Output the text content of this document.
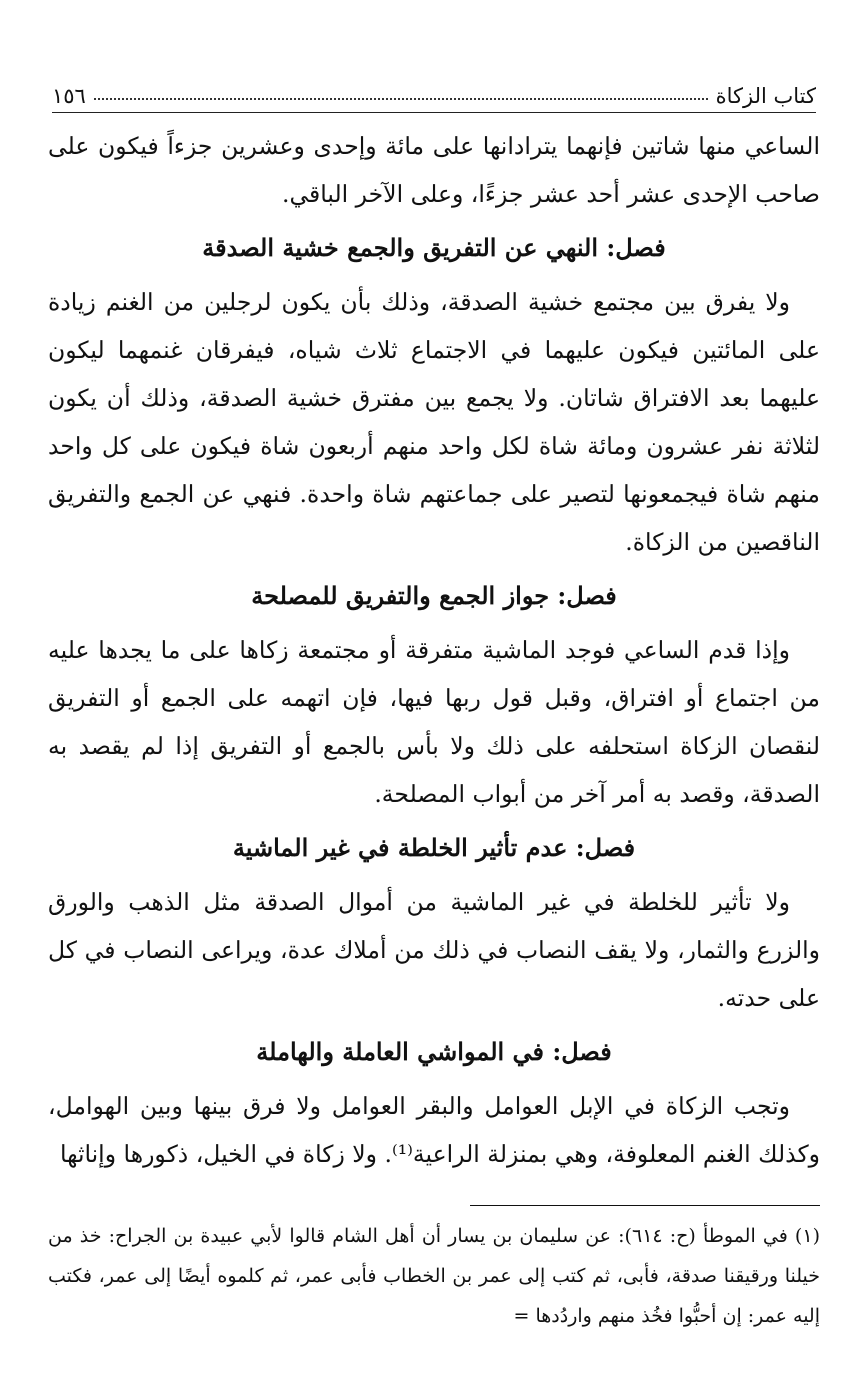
كتاب الزكاة
١٥٦

الساعي منها شاتين فإنهما يترادانها على مائة وإحدى وعشرين جزءاً فيكون على صاحب الإحدى عشر أحد عشر جزءًا، وعلى الآخر الباقي.

فصل: النهي عن التفريق والجمع خشية الصدقة

ولا يفرق بين مجتمع خشية الصدقة، وذلك بأن يكون لرجلين من الغنم زيادة على المائتين فيكون عليهما في الاجتماع ثلاث شياه، فيفرقان غنمهما ليكون عليهما بعد الافتراق شاتان. ولا يجمع بين مفترق خشية الصدقة، وذلك أن يكون لثلاثة نفر عشرون ومائة شاة لكل واحد منهم أربعون شاة فيكون على كل واحد منهم شاة فيجمعونها لتصير على جماعتهم شاة واحدة. فنهي عن الجمع والتفريق الناقصين من الزكاة.

فصل: جواز الجمع والتفريق للمصلحة

وإذا قدم الساعي فوجد الماشية متفرقة أو مجتمعة زكاها على ما يجدها عليه من اجتماع أو افتراق، وقبل قول ربها فيها، فإن اتهمه على الجمع أو التفريق لنقصان الزكاة استحلفه على ذلك ولا بأس بالجمع أو التفريق إذا لم يقصد به الصدقة، وقصد به أمر آخر من أبواب المصلحة.

فصل: عدم تأثير الخلطة في غير الماشية

ولا تأثير للخلطة في غير الماشية من أموال الصدقة مثل الذهب والورق والزرع والثمار، ولا يقف النصاب في ذلك من أملاك عدة، ويراعى النصاب في كل على حدته.

فصل: في المواشي العاملة والهاملة

وتجب الزكاة في الإبل العوامل والبقر العوامل ولا فرق بينها وبين الهوامل، وكذلك الغنم المعلوفة، وهي بمنزلة الراعية⁽¹⁾. ولا زكاة في الخيل، ذكورها وإناثها

(١) في الموطأ (ح: ٦١٤): عن سليمان بن يسار أن أهل الشام قالوا لأبي عبيدة بن الجراح: خذ من خيلنا ورقيقنا صدقة، فأبى، ثم كتب إلى عمر بن الخطاب فأبى عمر، ثم كلموه أيضًا إلى عمر، فكتب إليه عمر: إن أحبُّوا فخُذ منهم واردُدها =
